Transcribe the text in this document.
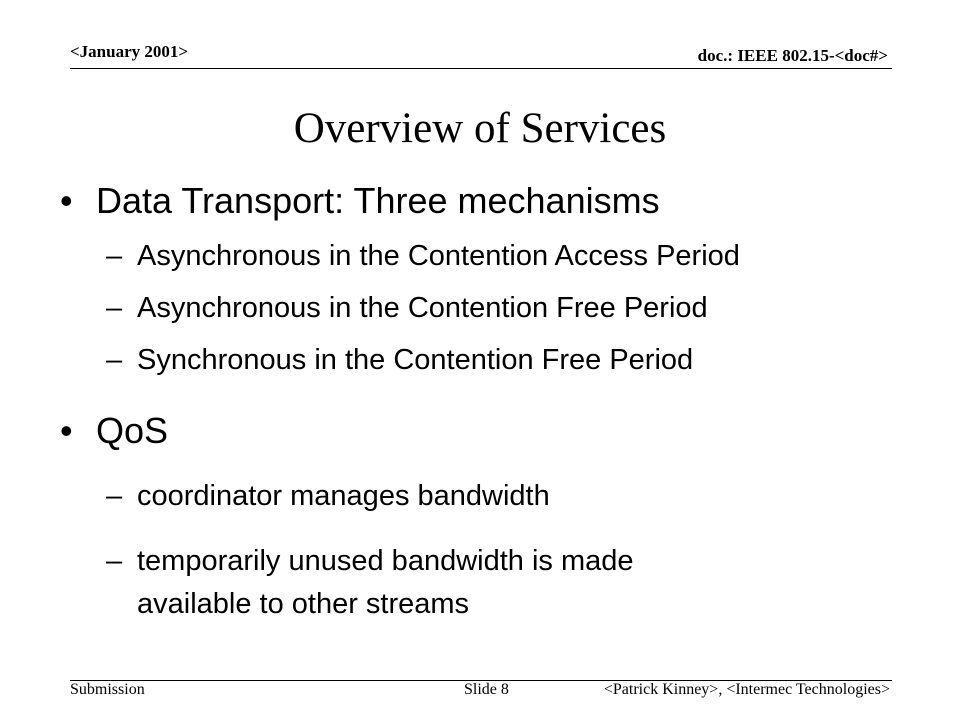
<January 2001>	doc.: IEEE 802.15-<doc#>
Overview of Services
• Data Transport: Three mechanisms
– Asynchronous in the Contention Access Period
– Asynchronous in the Contention Free Period
– Synchronous in the Contention Free Period
• QoS
– coordinator manages bandwidth
– temporarily unused bandwidth is made
available to other streams
Submission	Slide 8	<Patrick Kinney>, <Intermec Technologies>
